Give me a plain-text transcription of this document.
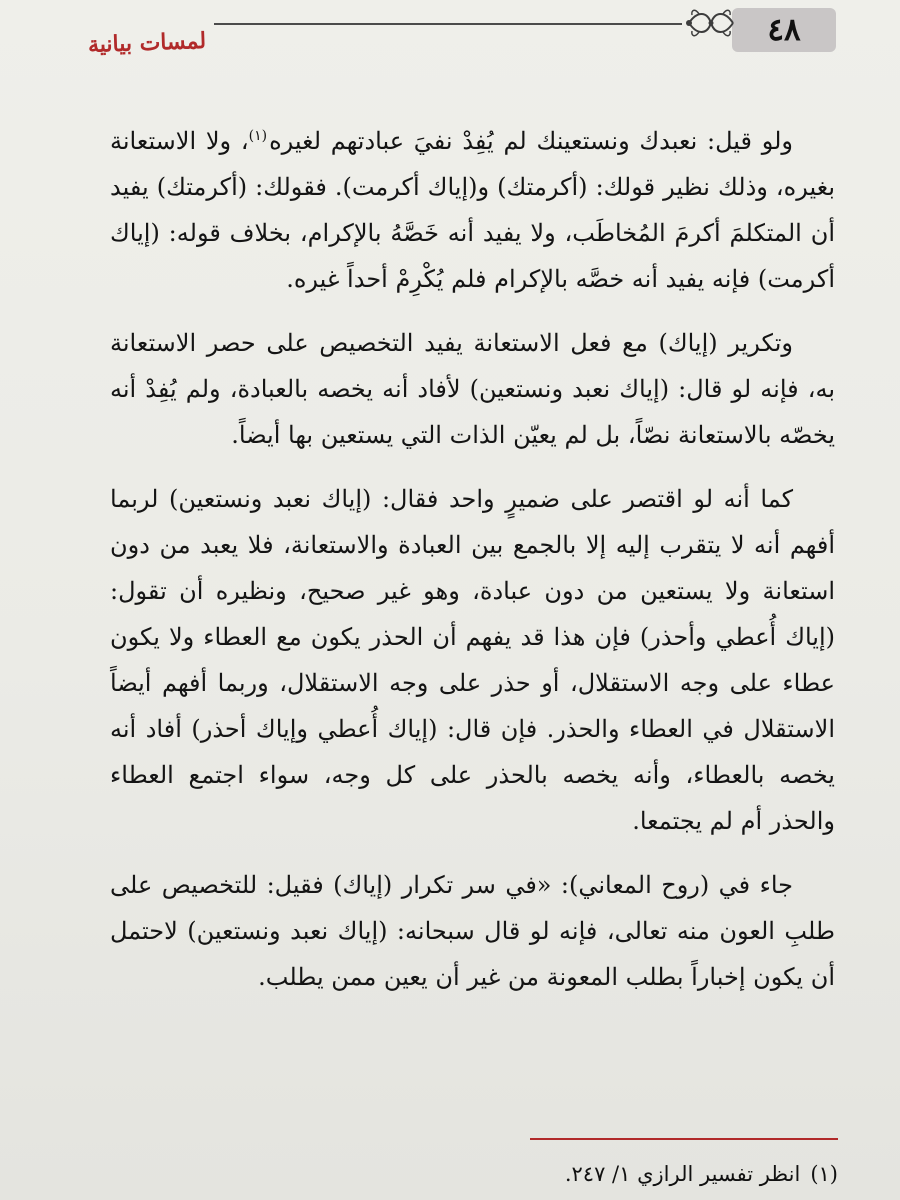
٤٨
لمسات بيانية

ولو قيل: نعبدك ونستعينك لم يُفِدْ نفيَ عبادتهم لغيره$^{(١)}$، ولا الاستعانة بغيره، وذلك نظير قولك: (أكرمتك) و(إياك أكرمت). فقولك: (أكرمتك) يفيد أن المتكلمَ أكرمَ المُخاطَب، ولا يفيد أنه خَصَّهُ بالإكرام، بخلاف قوله: (إياك أكرمت) فإنه يفيد أنه خصَّه بالإكرام فلم يُكْرِمْ أحداً غيره.

وتكرير (إياك) مع فعل الاستعانة يفيد التخصيص على حصر الاستعانة به، فإنه لو قال: (إياك نعبد ونستعين) لأفاد أنه يخصه بالعبادة، ولم يُفِدْ أنه يخصّه بالاستعانة نصّاً، بل لم يعيّن الذات التي يستعين بها أيضاً.

كما أنه لو اقتصر على ضميرٍ واحد فقال: (إياك نعبد ونستعين) لربما أفهم أنه لا يتقرب إليه إلا بالجمع بين العبادة والاستعانة، فلا يعبد من دون استعانة ولا يستعين من دون عبادة، وهو غير صحيح، ونظيره أن تقول: (إياك أُعطي وأحذر) فإن هذا قد يفهم أن الحذر يكون مع العطاء ولا يكون عطاء على وجه الاستقلال، أو حذر على وجه الاستقلال، وربما أفهم أيضاً الاستقلال في العطاء والحذر. فإن قال: (إياك أُعطي وإياك أحذر) أفاد أنه يخصه بالعطاء، وأنه يخصه بالحذر على كل وجه، سواء اجتمع العطاء والحذر أم لم يجتمعا.

جاء في (روح المعاني): «في سر تكرار (إياك) فقيل: للتخصيص على طلبِ العون منه تعالى، فإنه لو قال سبحانه: (إياك نعبد ونستعين) لاحتمل أن يكون إخباراً بطلب المعونة من غير أن يعين ممن يطلب.

(١)انظر تفسير الرازي ١/ ٢٤٧.
